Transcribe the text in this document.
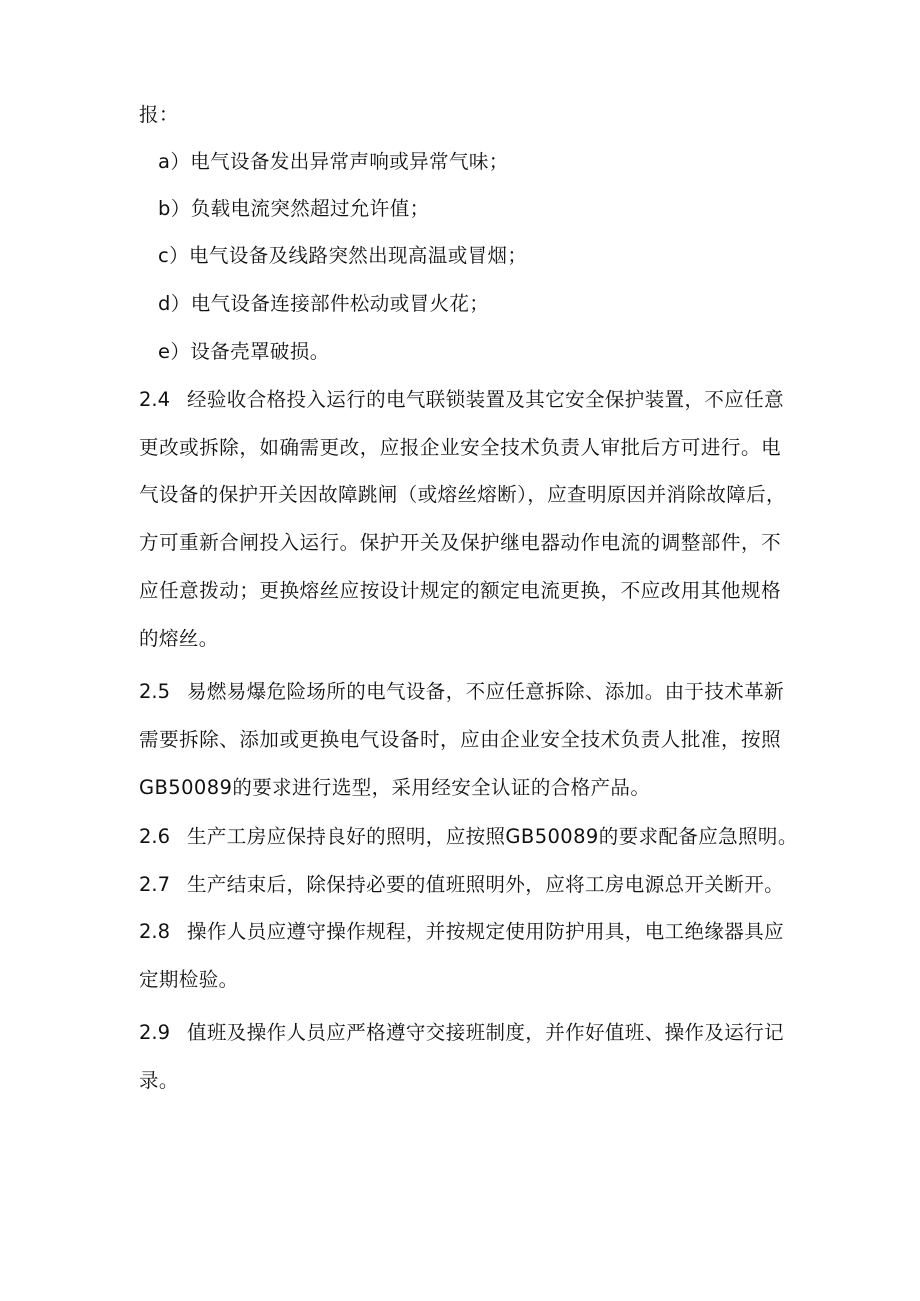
报：
a）电气设备发出异常声响或异常气味；
b）负载电流突然超过允许值；
c）电气设备及线路突然出现高温或冒烟；
d）电气设备连接部件松动或冒火花；
e）设备壳罩破损。
2.4 经验收合格投入运行的电气联锁装置及其它安全保护装置，不应任意
更改或拆除，如确需更改，应报企业安全技术负责人审批后方可进行。电
气设备的保护开关因故障跳闸（或熔丝熔断），应查明原因并消除故障后，
方可重新合闸投入运行。保护开关及保护继电器动作电流的调整部件，不
应任意拨动；更换熔丝应按设计规定的额定电流更换，不应改用其他规格
的熔丝。
2.5 易燃易爆危险场所的电气设备，不应任意拆除、添加。由于技术革新
需要拆除、添加或更换电气设备时，应由企业安全技术负责人批准，按照
GB50089的要求进行选型，采用经安全认证的合格产品。
2.6 生产工房应保持良好的照明，应按照GB50089的要求配备应急照明。
2.7 生产结束后，除保持必要的值班照明外，应将工房电源总开关断开。
2.8 操作人员应遵守操作规程，并按规定使用防护用具，电工绝缘器具应
定期检验。
2.9 值班及操作人员应严格遵守交接班制度，并作好值班、操作及运行记
录。
